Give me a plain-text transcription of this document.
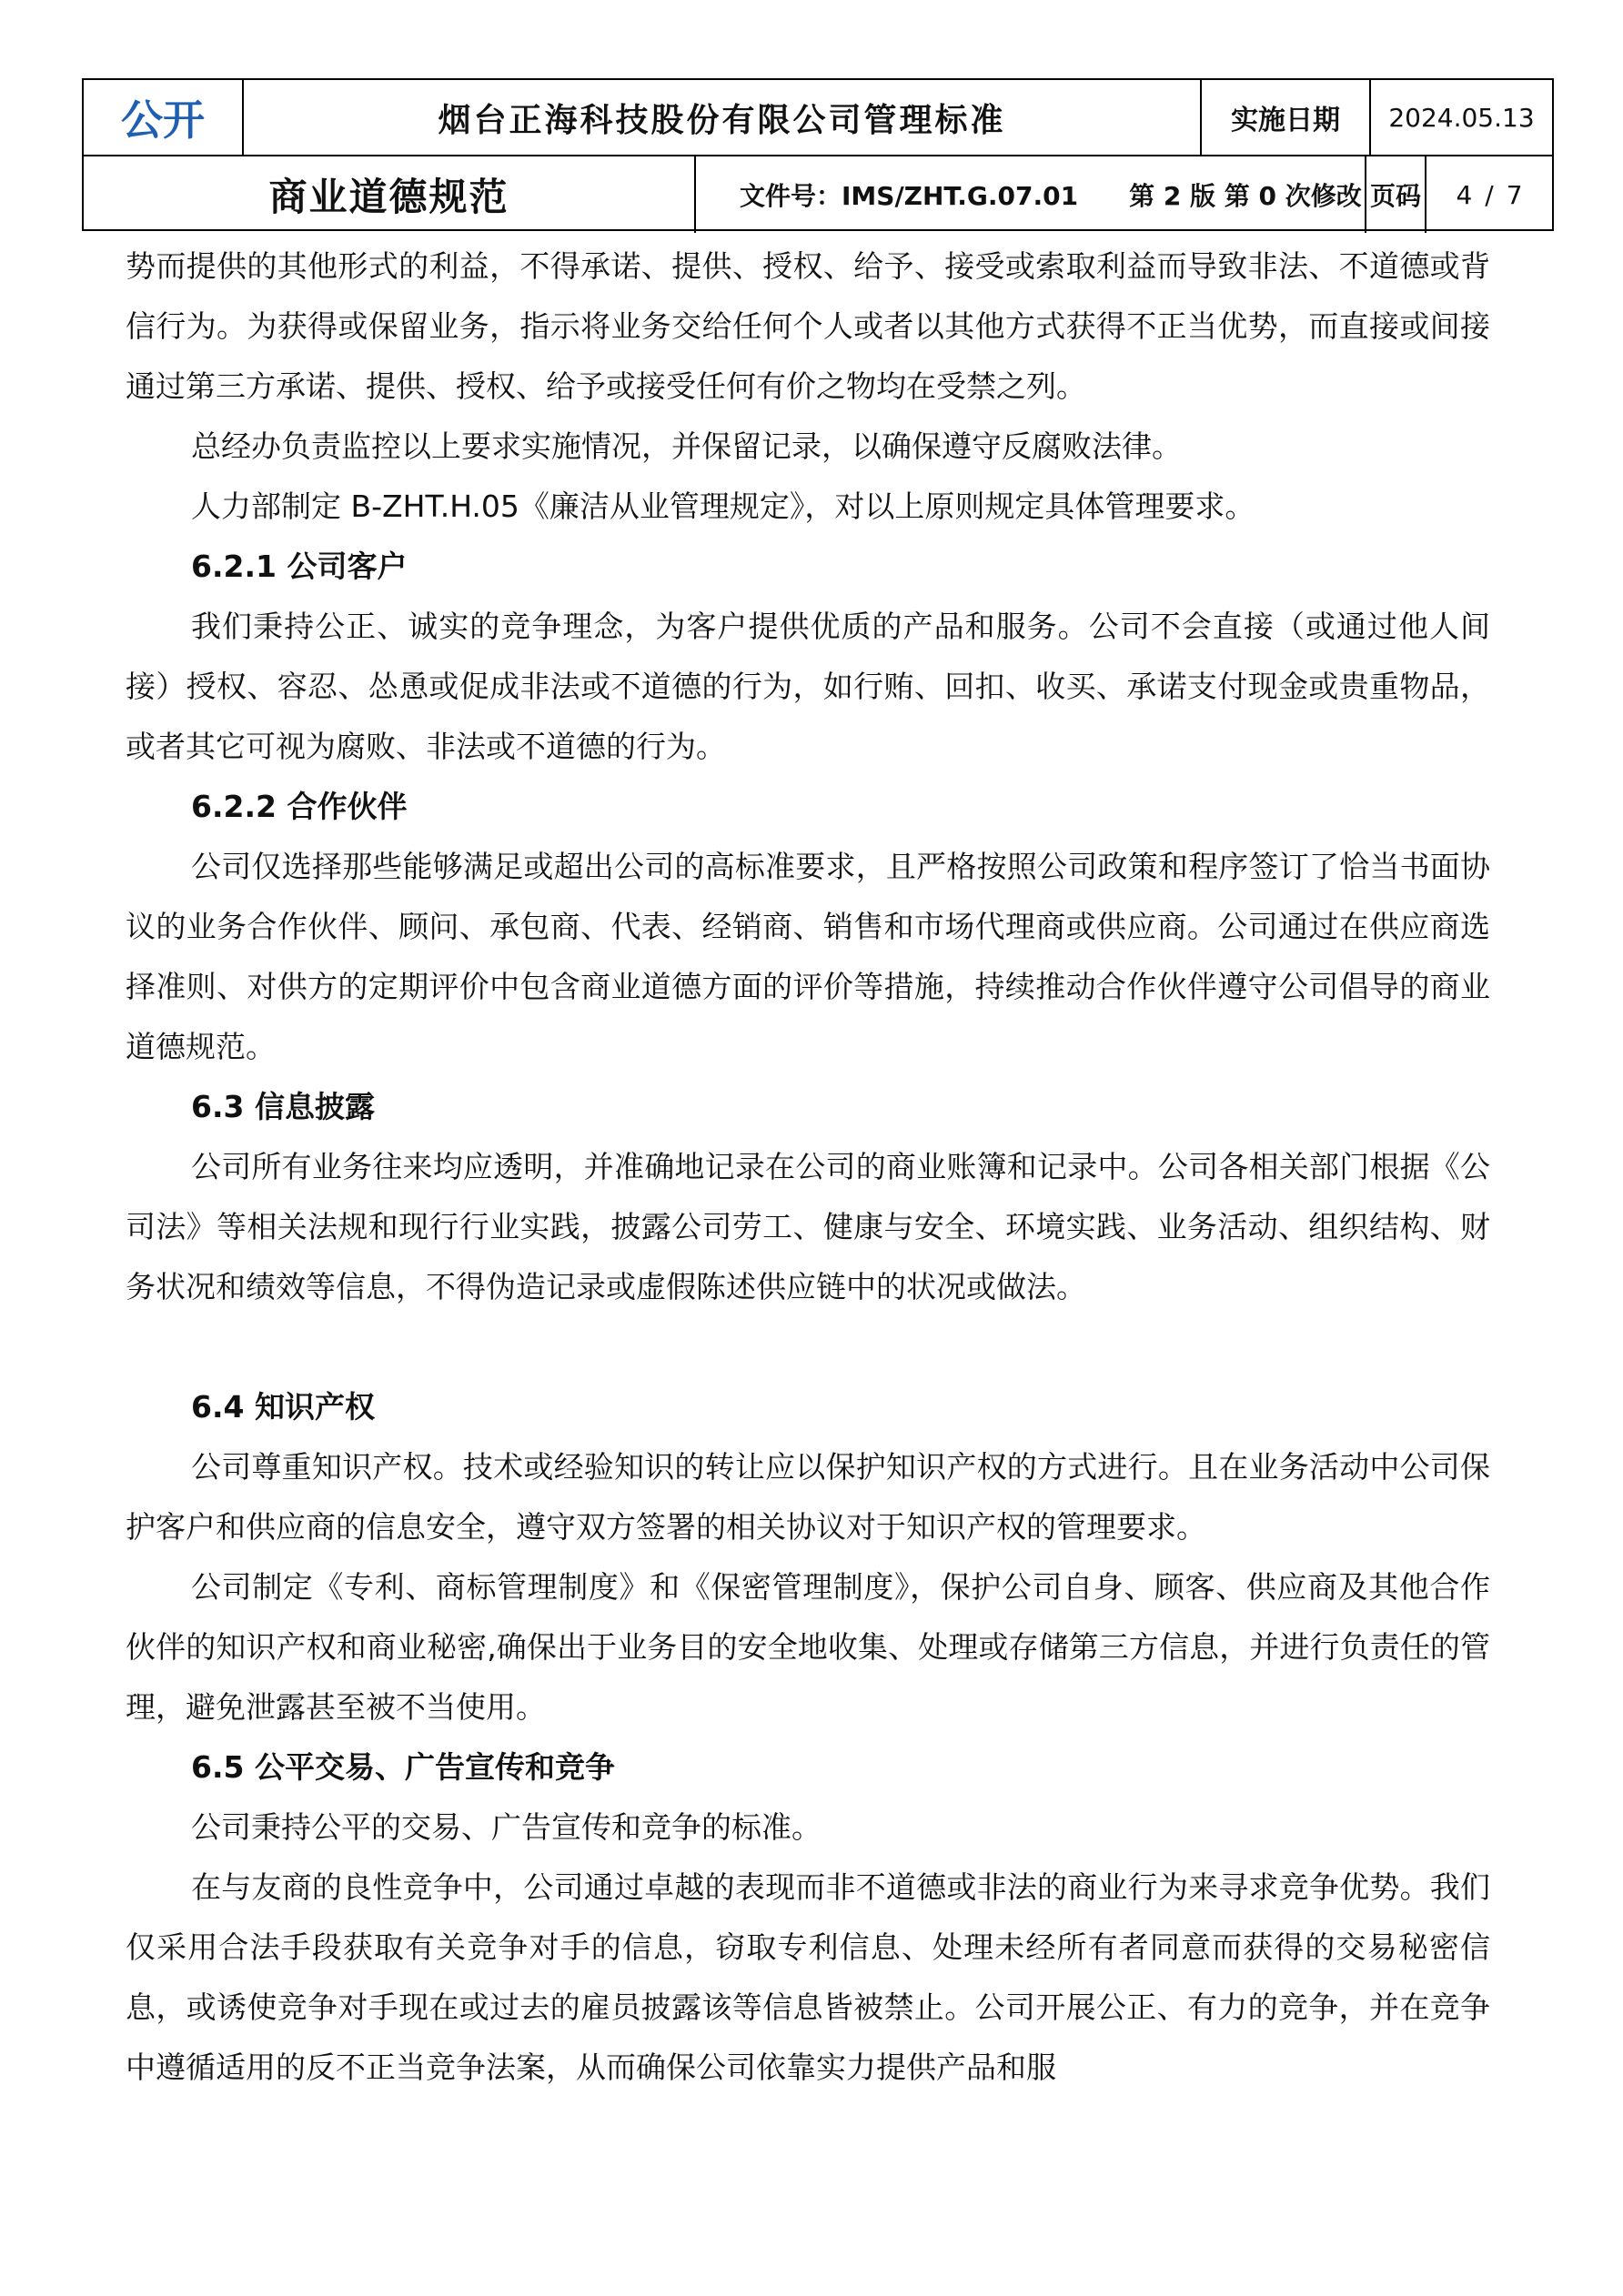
公开	烟台正海科技股份有限公司管理标准	实施日期	2024.05.13
商业道德规范	文件号：IMS/ZHT.G.07.01　　第 2 版 第 0 次修改 页码 4 / 7

势而提供的其他形式的利益，不得承诺、提供、授权、给予、接受或索取利益而导致非法、不道德或背信行为。为获得或保留业务，指示将业务交给任何个人或者以其他方式获得不正当优势，而直接或间接通过第三方承诺、提供、授权、给予或接受任何有价之物均在受禁之列。

总经办负责监控以上要求实施情况，并保留记录，以确保遵守反腐败法律。

人力部制定 B-ZHT.H.05《廉洁从业管理规定》，对以上原则规定具体管理要求。

6.2.1 公司客户

我们秉持公正、诚实的竞争理念，为客户提供优质的产品和服务。公司不会直接（或通过他人间接）授权、容忍、怂恿或促成非法或不道德的行为，如行贿、回扣、收买、承诺支付现金或贵重物品，或者其它可视为腐败、非法或不道德的行为。

6.2.2 合作伙伴

公司仅选择那些能够满足或超出公司的高标准要求，且严格按照公司政策和程序签订了恰当书面协议的业务合作伙伴、顾问、承包商、代表、经销商、销售和市场代理商或供应商。公司通过在供应商选择准则、对供方的定期评价中包含商业道德方面的评价等措施，持续推动合作伙伴遵守公司倡导的商业道德规范。

6.3 信息披露

公司所有业务往来均应透明，并准确地记录在公司的商业账簿和记录中。公司各相关部门根据《公司法》等相关法规和现行行业实践，披露公司劳工、健康与安全、环境实践、业务活动、组织结构、财务状况和绩效等信息，不得伪造记录或虚假陈述供应链中的状况或做法。

6.4 知识产权

公司尊重知识产权。技术或经验知识的转让应以保护知识产权的方式进行。且在业务活动中公司保护客户和供应商的信息安全，遵守双方签署的相关协议对于知识产权的管理要求。

公司制定《专利、商标管理制度》和《保密管理制度》，保护公司自身、顾客、供应商及其他合作伙伴的知识产权和商业秘密,确保出于业务目的安全地收集、处理或存储第三方信息，并进行负责任的管理，避免泄露甚至被不当使用。

6.5 公平交易、广告宣传和竞争

公司秉持公平的交易、广告宣传和竞争的标准。

在与友商的良性竞争中，公司通过卓越的表现而非不道德或非法的商业行为来寻求竞争优势。我们仅采用合法手段获取有关竞争对手的信息，窃取专利信息、处理未经所有者同意而获得的交易秘密信息，或诱使竞争对手现在或过去的雇员披露该等信息皆被禁止。公司开展公正、有力的竞争，并在竞争中遵循适用的反不正当竞争法案，从而确保公司依靠实力提供产品和服
